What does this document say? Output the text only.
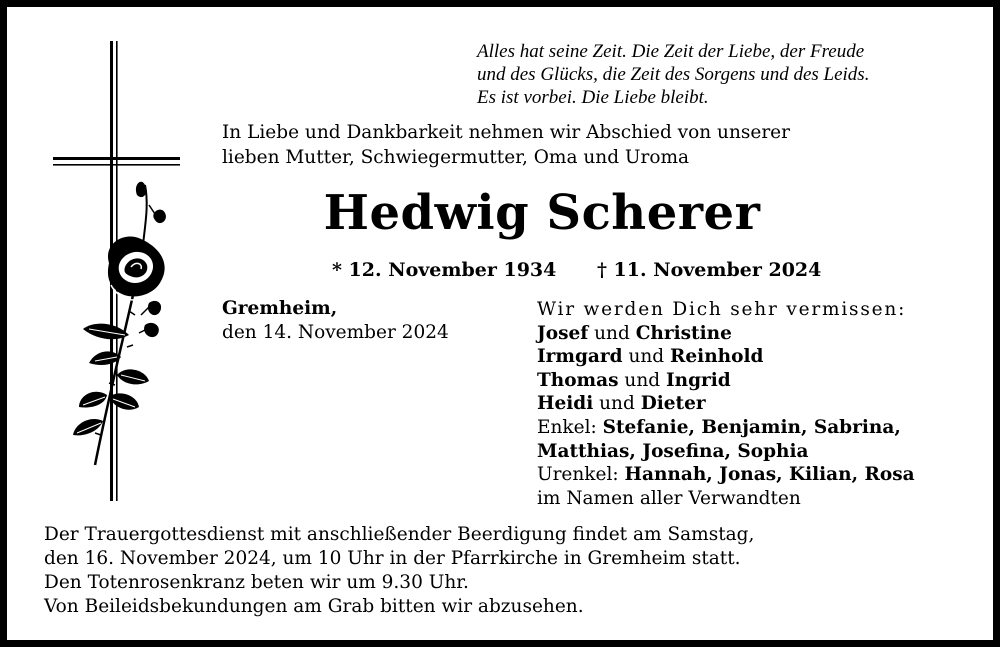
Alles hat seine Zeit. Die Zeit der Liebe, der Freude
und des Glücks, die Zeit des Sorgens und des Leids.
Es ist vorbei. Die Liebe bleibt.
In Liebe und Dankbarkeit nehmen wir Abschied von unserer
lieben Mutter, Schwiegermutter, Oma und Uroma
Hedwig Scherer
* 12. November 1934 † 11. November 2024
Gremheim,
den 14. November 2024
Wir werden Dich sehr vermissen:
Josef und Christine
Irmgard und Reinhold
Thomas und Ingrid
Heidi und Dieter
Enkel: Stefanie, Benjamin, Sabrina,
Matthias, Josefina, Sophia
Urenkel: Hannah, Jonas, Kilian, Rosa
im Namen aller Verwandten
Der Trauergottesdienst mit anschließender Beerdigung findet am Samstag,
den 16. November 2024, um 10 Uhr in der Pfarrkirche in Gremheim statt.
Den Totenrosenkranz beten wir um 9.30 Uhr.
Von Beileidsbekundungen am Grab bitten wir abzusehen.
